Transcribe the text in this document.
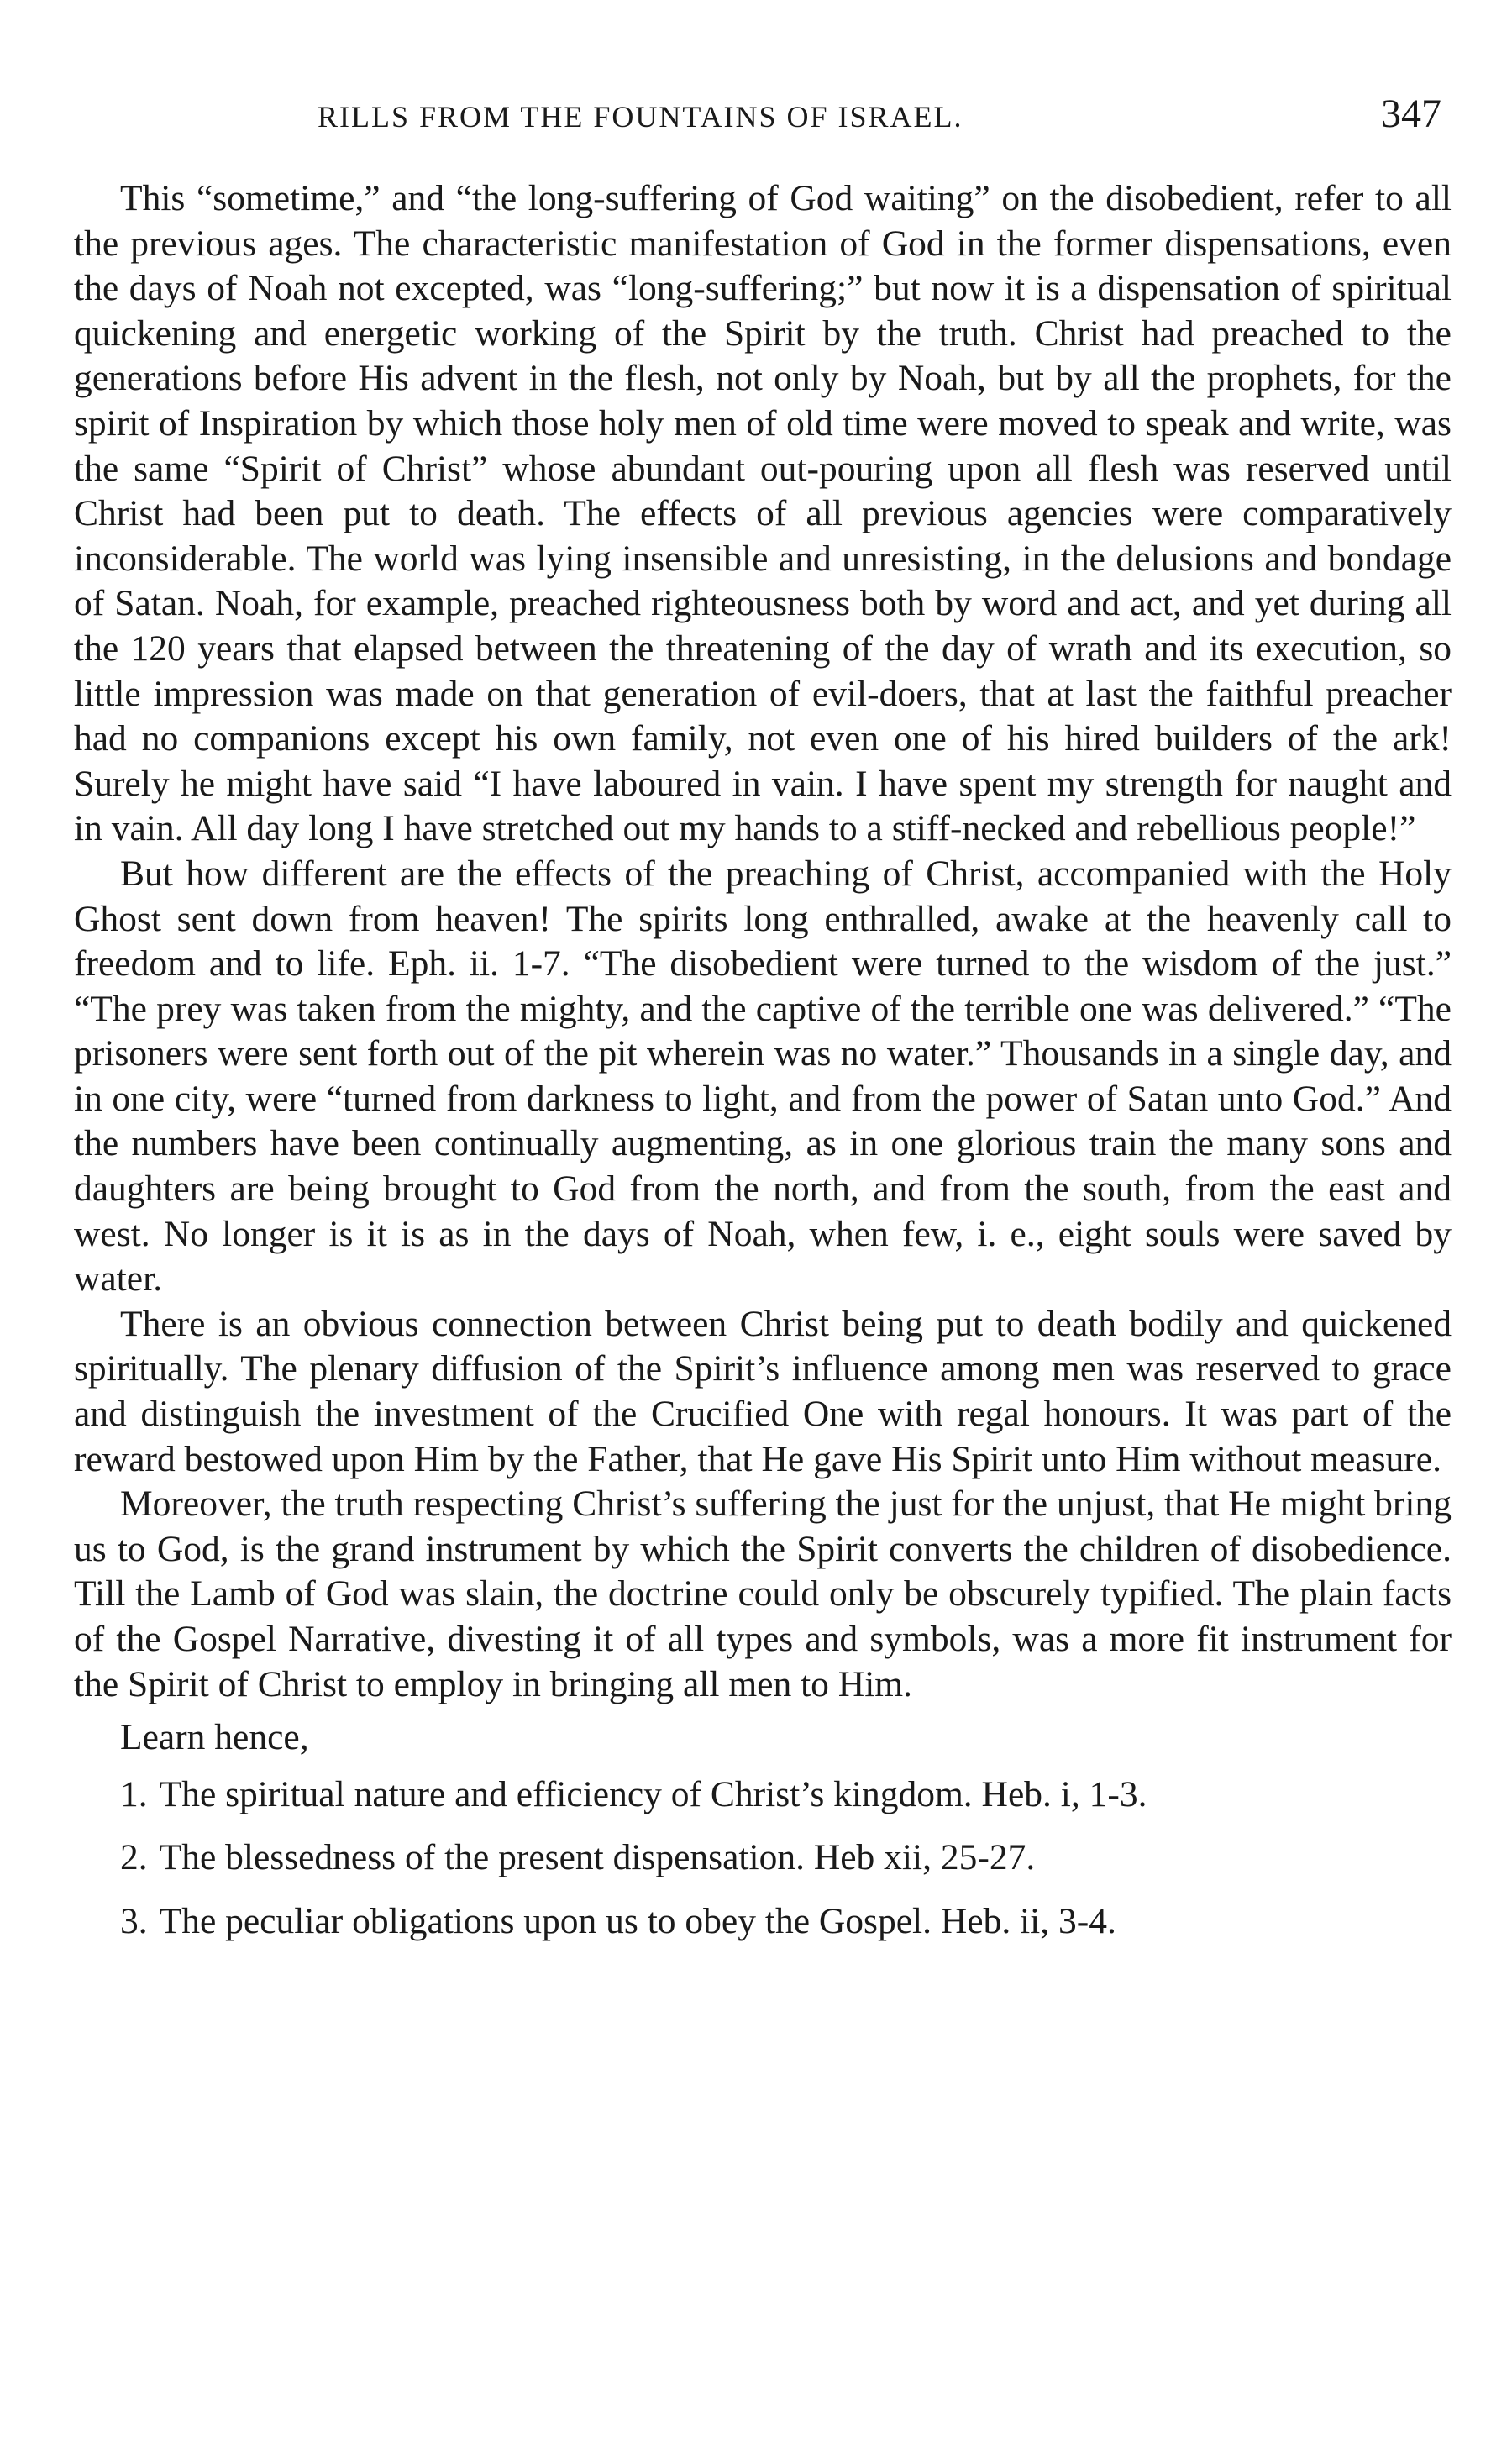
RILLS FROM THE FOUNTAINS OF ISRAEL.	347

This “sometime,” and “the long-suffering of God waiting” on the disobedient, refer to all the previous ages. The characteristic manifestation of God in the former dispensations, even the days of Noah not excepted, was “long-suffering;” but now it is a dispensation of spiritual quickening and energetic working of the Spirit by the truth. Christ had preached to the generations before His advent in the flesh, not only by Noah, but by all the prophets, for the spirit of Inspiration by which those holy men of old time were moved to speak and write, was the same “Spirit of Christ” whose abundant out-pouring upon all flesh was reserved until Christ had been put to death. The effects of all previous agencies were comparatively inconsiderable. The world was lying insensible and unresisting, in the delusions and bondage of Satan. Noah, for example, preached righteousness both by word and act, and yet during all the 120 years that elapsed between the threatening of the day of wrath and its execution, so little impression was made on that generation of evil-doers, that at last the faithful preacher had no companions except his own family, not even one of his hired builders of the ark! Surely he might have said “I have laboured in vain. I have spent my strength for naught and in vain. All day long I have stretched out my hands to a stiff-necked and rebellious people!”

But how different are the effects of the preaching of Christ, accompanied with the Holy Ghost sent down from heaven! The spirits long enthralled, awake at the heavenly call to freedom and to life. Eph. ii. 1-7. “The disobedient were turned to the wisdom of the just.” “The prey was taken from the mighty, and the captive of the terrible one was delivered.” “The prisoners were sent forth out of the pit wherein was no water.” Thousands in a single day, and in one city, were “turned from darkness to light, and from the power of Satan unto God.” And the numbers have been continually augmenting, as in one glorious train the many sons and daughters are being brought to God from the north, and from the south, from the east and west. No longer is it is as in the days of Noah, when few, i. e., eight souls were saved by water.

There is an obvious connection between Christ being put to death bodily and quickened spiritually. The plenary diffusion of the Spirit’s influence among men was reserved to grace and distinguish the investment of the Crucified One with regal honours. It was part of the reward bestowed upon Him by the Father, that He gave His Spirit unto Him without measure.

Moreover, the truth respecting Christ’s suffering the just for the unjust, that He might bring us to God, is the grand instrument by which the Spirit converts the children of disobedience. Till the Lamb of God was slain, the doctrine could only be obscurely typified. The plain facts of the Gospel Narrative, divesting it of all types and symbols, was a more fit instrument for the Spirit of Christ to employ in bringing all men to Him.

Learn hence,

1. The spiritual nature and efficiency of Christ’s kingdom. Heb. i, 1-3.
2. The blessedness of the present dispensation. Heb xii, 25-27.
3. The peculiar obligations upon us to obey the Gospel. Heb. ii, 3-4.
